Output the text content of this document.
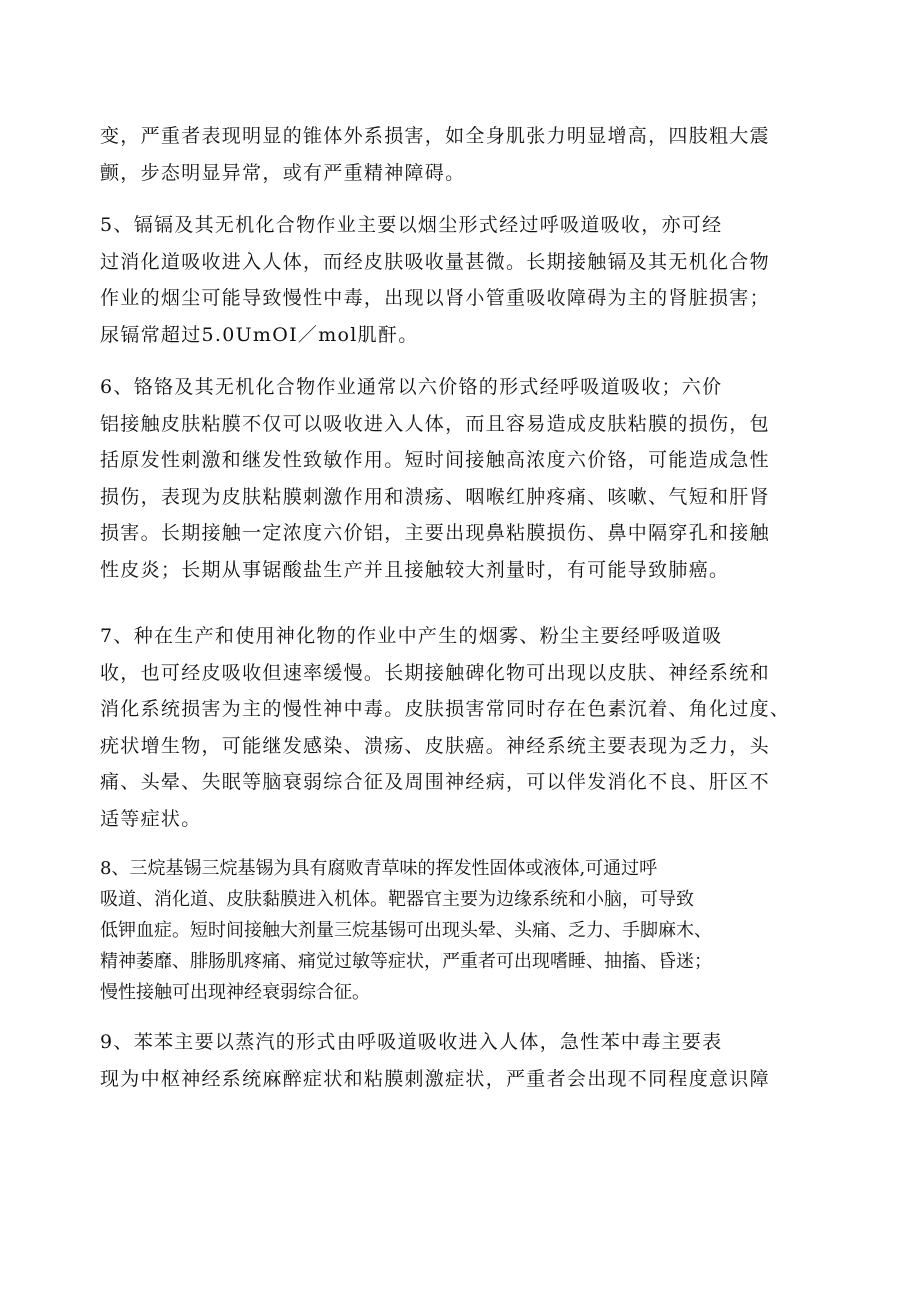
变，严重者表现明显的锥体外系损害，如全身肌张力明显增高，四肢粗大震
颤，步态明显异常，或有严重精神障碍。

5、镉镉及其无机化合物作业主要以烟尘形式经过呼吸道吸收，亦可经
过消化道吸收进入人体，而经皮肤吸收量甚微。长期接触镉及其无机化合物
作业的烟尘可能导致慢性中毒，出现以肾小管重吸收障碍为主的肾脏损害；
尿镉常超过5.0UmOI／mol肌酐。

6、铬铬及其无机化合物作业通常以六价铬的形式经呼吸道吸收；六价
铝接触皮肤粘膜不仅可以吸收进入人体，而且容易造成皮肤粘膜的损伤，包
括原发性刺激和继发性致敏作用。短时间接触高浓度六价铬，可能造成急性
损伤，表现为皮肤粘膜刺激作用和溃疡、咽喉红肿疼痛、咳嗽、气短和肝肾
损害。长期接触一定浓度六价铝，主要出现鼻粘膜损伤、鼻中隔穿孔和接触
性皮炎；长期从事锯酸盐生产并且接触较大剂量时，有可能导致肺癌。

7、种在生产和使用神化物的作业中产生的烟雾、粉尘主要经呼吸道吸
收，也可经皮吸收但速率缓慢。长期接触碑化物可出现以皮肤、神经系统和
消化系统损害为主的慢性神中毒。皮肤损害常同时存在色素沉着、角化过度、
疣状增生物，可能继发感染、溃疡、皮肤癌。神经系统主要表现为乏力，头
痛、头晕、失眠等脑衰弱综合征及周围神经病，可以伴发消化不良、肝区不
适等症状。

8、三烷基锡三烷基锡为具有腐败青草味的挥发性固体或液体,可通过呼
吸道、消化道、皮肤黏膜进入机体。靶器官主要为边缘系统和小脑，可导致
低钾血症。短时间接触大剂量三烷基锡可出现头晕、头痛、乏力、手脚麻木、
精神萎靡、腓肠肌疼痛、痛觉过敏等症状，严重者可出现嗜睡、抽搐、昏迷；
慢性接触可出现神经衰弱综合征。

9、苯苯主要以蒸汽的形式由呼吸道吸收进入人体，急性苯中毒主要表
现为中枢神经系统麻醉症状和粘膜刺激症状，严重者会出现不同程度意识障
